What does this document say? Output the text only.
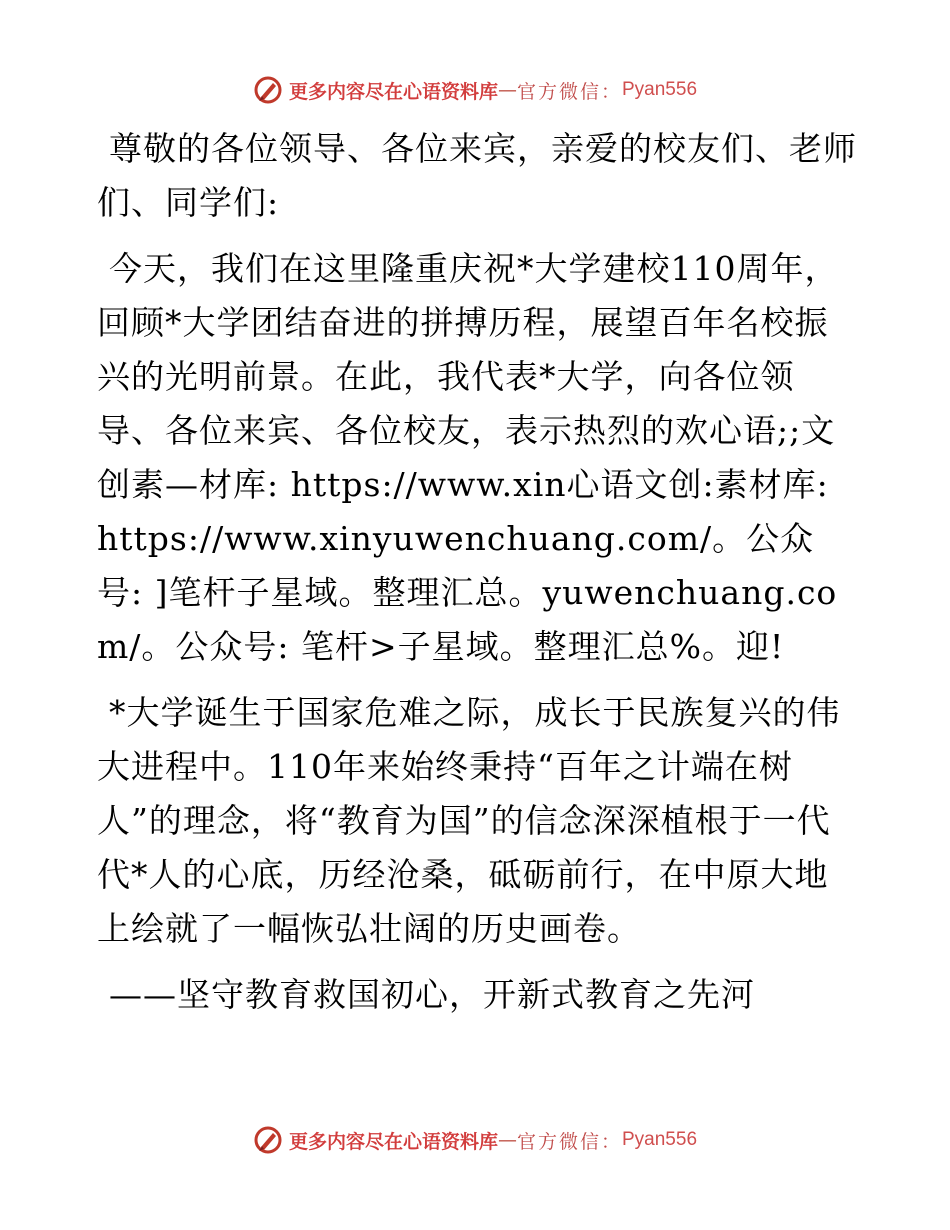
更多内容尽在心语资料库 — 官方微信： Pyan556

尊敬的各位领导、各位来宾，亲爱的校友们、老师们、同学们:

今天，我们在这里隆重庆祝*大学建校110周年，回顾*大学团结奋进的拼搏历程，展望百年名校振兴的光明前景。在此，我代表*大学，向各位领导、各位来宾、各位校友，表示热烈的欢心语;;文创素—材库: https://www.xin心语文创:素材库: https://www.xinyuwenchuang.com/。公众号: ]笔杆子星域。整理汇总。yuwenchuang.com/。公众号: 笔杆>子星域。整理汇总%。迎!

*大学诞生于国家危难之际，成长于民族复兴的伟大进程中。110年来始终秉持“百年之计端在树人”的理念，将“教育为国”的信念深深植根于一代代*人的心底，历经沧桑，砥砺前行，在中原大地上绘就了一幅恢弘壮阔的历史画卷。

——坚守教育救国初心，开新式教育之先河

更多内容尽在心语资料库 — 官方微信： Pyan556
